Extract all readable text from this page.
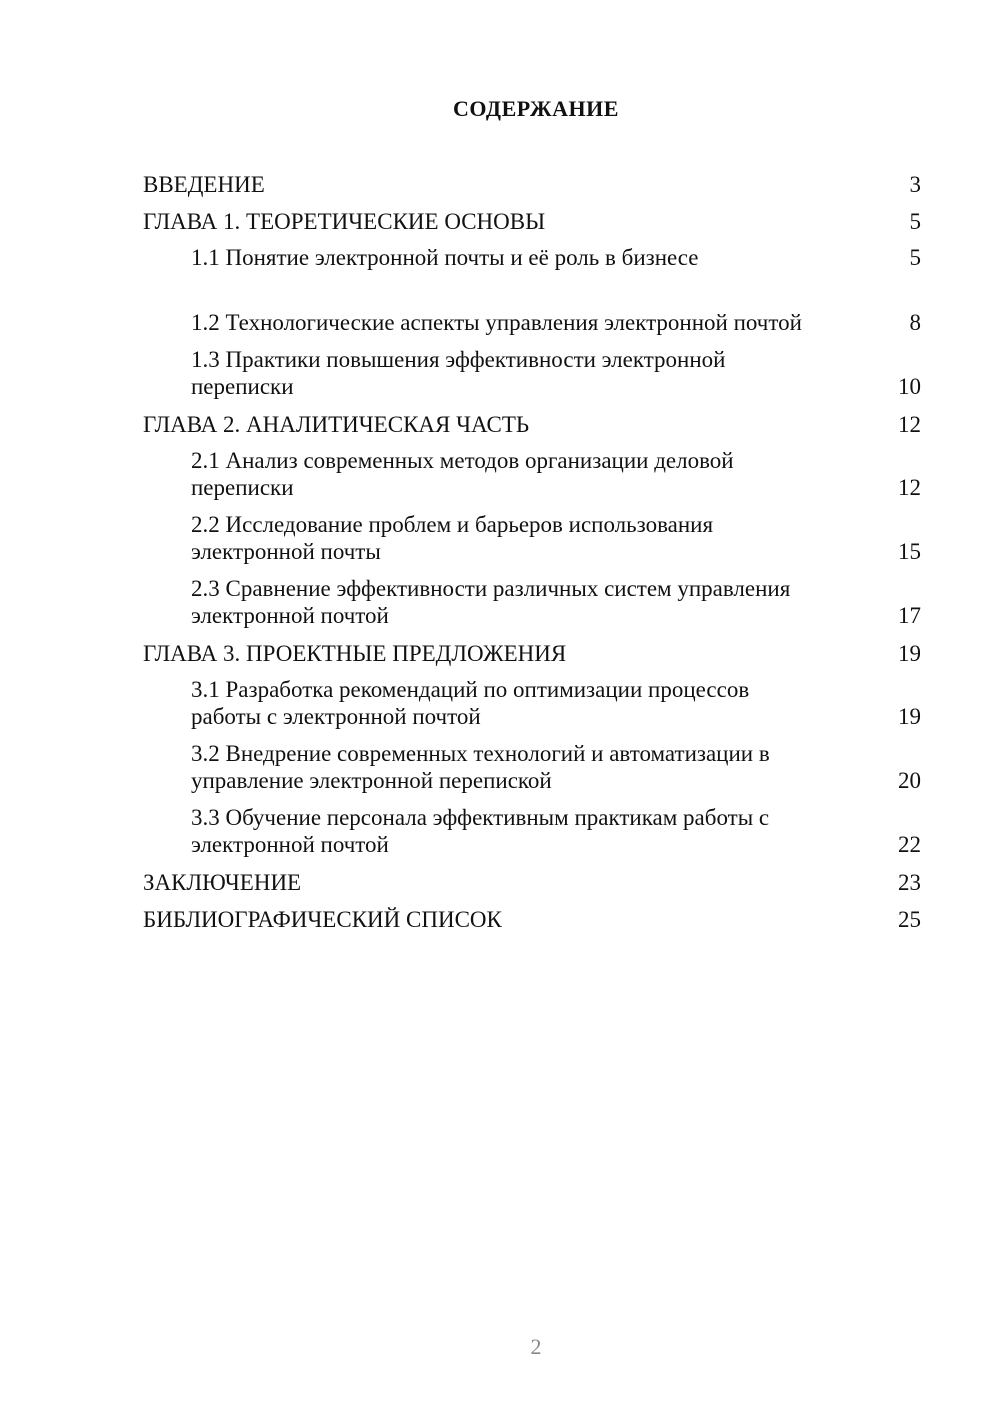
СОДЕРЖАНИЕ
ВВЕДЕНИЕ	3
ГЛАВА 1. ТЕОРЕТИЧЕСКИЕ ОСНОВЫ	5
1.1 Понятие электронной почты и её роль в бизнесе	5
1.2 Технологические аспекты управления электронной почтой	8
1.3 Практики повышения эффективности электронной переписки	10
ГЛАВА 2. АНАЛИТИЧЕСКАЯ ЧАСТЬ	12
2.1 Анализ современных методов организации деловой переписки	12
2.2 Исследование проблем и барьеров использования электронной почты	15
2.3 Сравнение эффективности различных систем управления электронной почтой	17
ГЛАВА 3. ПРОЕКТНЫЕ ПРЕДЛОЖЕНИЯ	19
3.1 Разработка рекомендаций по оптимизации процессов работы с электронной почтой	19
3.2 Внедрение современных технологий и автоматизации в управление электронной перепиской	20
3.3 Обучение персонала эффективным практикам работы с электронной почтой	22
ЗАКЛЮЧЕНИЕ	23
БИБЛИОГРАФИЧЕСКИЙ СПИСОК	25
2
